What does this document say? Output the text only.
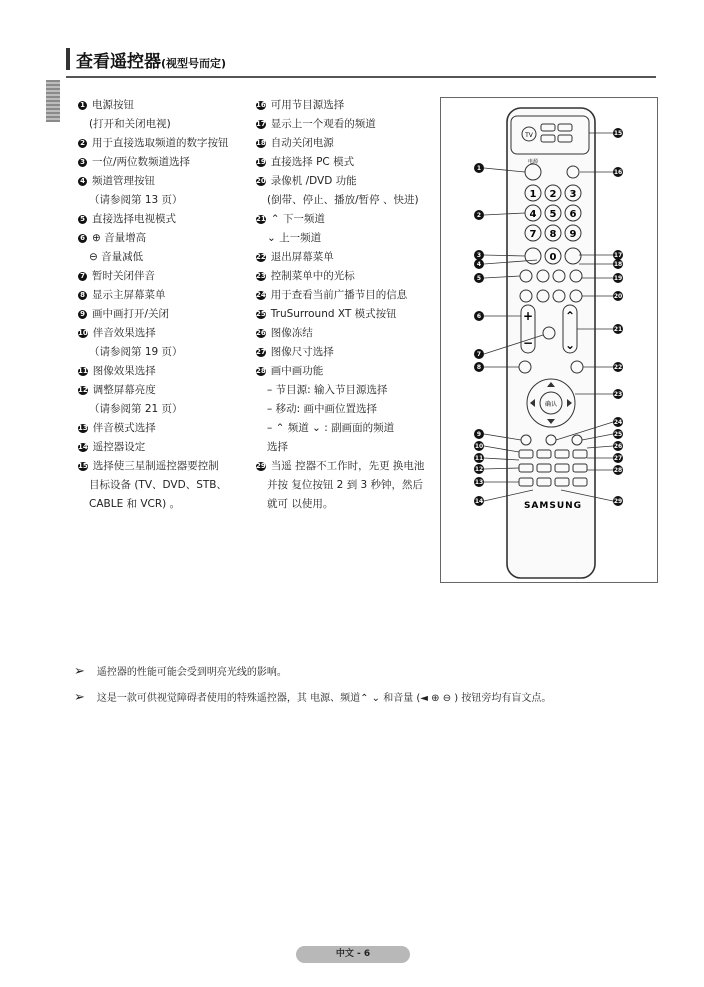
查看遥控器(视型号而定)
1 电源按钮
(打开和关闭电视)
2 用于直接选取频道的数字按钮
3 一位/两位数频道选择
4 频道管理按钮
（请参阅第 13 页）
5 直接选择电视模式
6 ⊕ 音量增高
⊖ 音量减低
7 暂时关闭伴音
8 显示主屏幕菜单
9 画中画打开/关闭
10 伴音效果选择
（请参阅第 19 页）
11 图像效果选择
12 调整屏幕亮度
（请参阅第 21 页）
13 伴音模式选择
14 遥控器设定
15 选择使三星制遥控器要控制
目标设备 (TV、DVD、STB、
CABLE 和 VCR) 。
16 可用节目源选择
17 显示上一个观看的频道
18 自动关闭电源
19 直接选择 PC 模式
20 录像机 /DVD 功能
(倒带、停止、播放/暂停 、快进)
21 ⌃ 下一频道
⌄ 上一频道
22 退出屏幕菜单
23 控制菜单中的光标
24 用于查看当前广播节目的信息
25 TruSurround XT 模式按钮
26 图像冻结
27 图像尺寸选择
28 画中画功能
– 节目源: 输入节目源选择
– 移动: 画中画位置选择
– ⌃ 频道 ⌄ : 副画面的频道
选择
29 当遥 控器不工作时，先更 换电池
并按 复位按钮 2 到 3 秒钟，然后
就可 以使用。
TV
电源
1 2 3
4 5 6
7 8 9
0
+
−
⌃
⌄
确认
SAMSUNG
1
2
3
4
5
6
7
8
9
10
11
12
13
14
15
16
17
18
19
20
21
22
23
24
25
26
27
28
29
➢ 遥控器的性能可能会受到明亮光线的影响。
➢ 这是一款可供视觉障碍者使用的特殊遥控器，其 电源、频道⌃ ⌄ 和音量 (◄ ⊕ ⊖ ) 按钮旁均有盲文点。
中文 - 6
